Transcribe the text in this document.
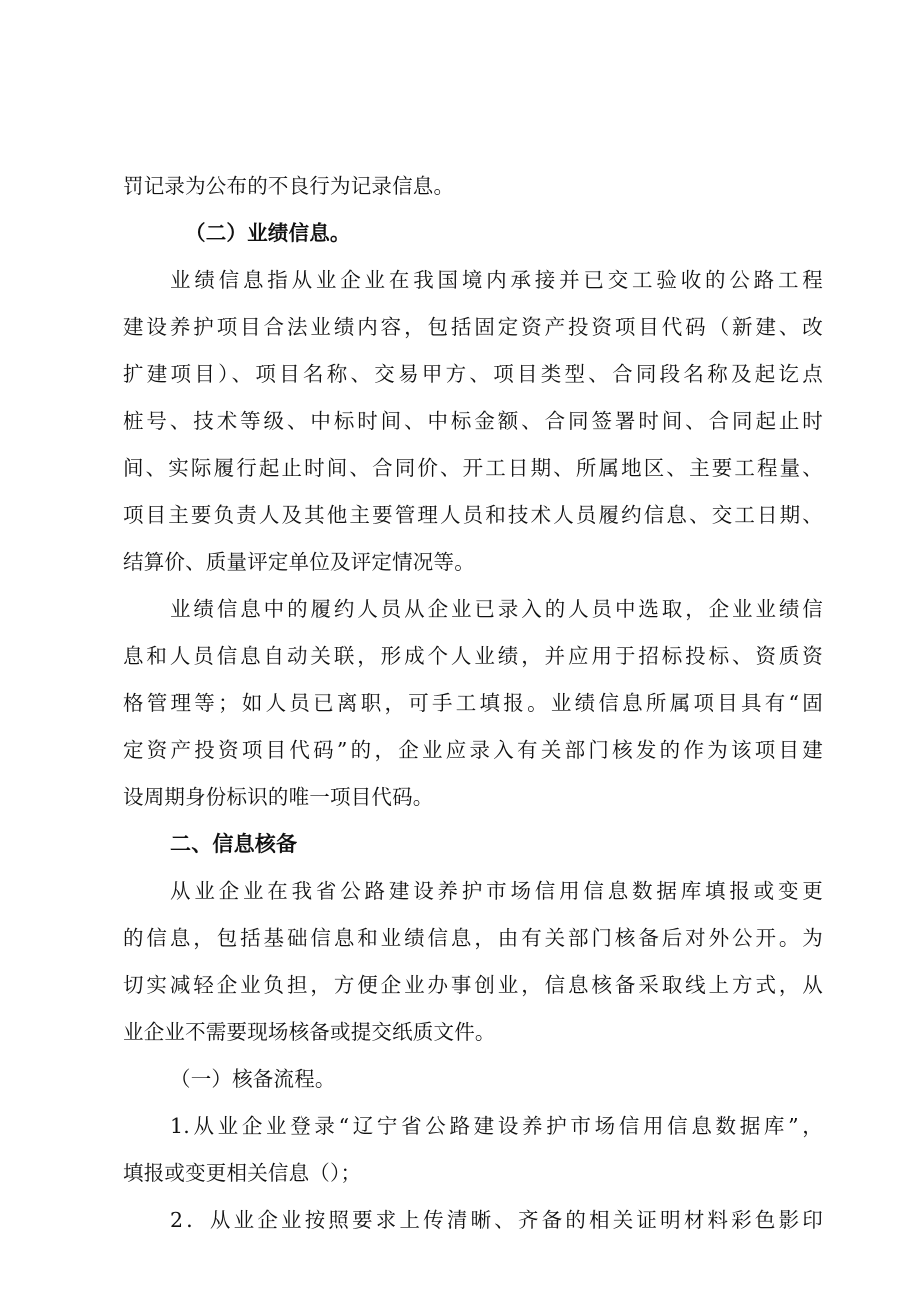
罚记录为公布的不良行为记录信息。
（二）业绩信息。
业绩信息指从业企业在我国境内承接并已交工验收的公路工程
建设养护项目合法业绩内容，包括固定资产投资项目代码（新建、改
扩建项目）、项目名称、交易甲方、项目类型、合同段名称及起讫点
桩号、技术等级、中标时间、中标金额、合同签署时间、合同起止时
间、实际履行起止时间、合同价、开工日期、所属地区、主要工程量、
项目主要负责人及其他主要管理人员和技术人员履约信息、交工日期、
结算价、质量评定单位及评定情况等。
业绩信息中的履约人员从企业已录入的人员中选取，企业业绩信
息和人员信息自动关联，形成个人业绩，并应用于招标投标、资质资
格管理等；如人员已离职，可手工填报。业绩信息所属项目具有“固
定资产投资项目代码”的，企业应录入有关部门核发的作为该项目建
设周期身份标识的唯一项目代码。
二、信息核备
从业企业在我省公路建设养护市场信用信息数据库填报或变更
的信息，包括基础信息和业绩信息，由有关部门核备后对外公开。为
切实减轻企业负担，方便企业办事创业，信息核备采取线上方式，从
业企业不需要现场核备或提交纸质文件。
（一）核备流程。
1.从业企业登录“辽宁省公路建设养护市场信用信息数据库”，
填报或变更相关信息（）；
2．从业企业按照要求上传清晰、齐备的相关证明材料彩色影印
